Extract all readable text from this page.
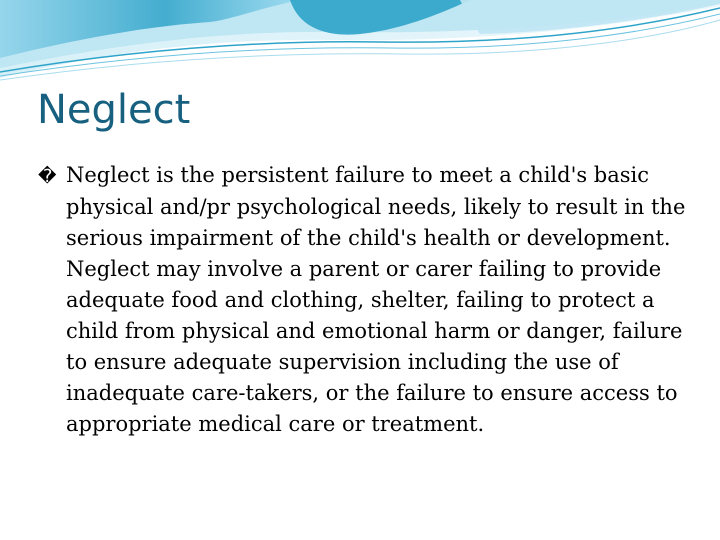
Neglect

� Neglect is the persistent failure to meet a child's basic physical and/pr psychological needs, likely to result in the serious impairment of the child's health or development. Neglect may involve a parent or carer failing to provide adequate food and clothing, shelter, failing to protect a child from physical and emotional harm or danger, failure to ensure adequate supervision including the use of inadequate care-takers, or the failure to ensure access to appropriate medical care or treatment.
